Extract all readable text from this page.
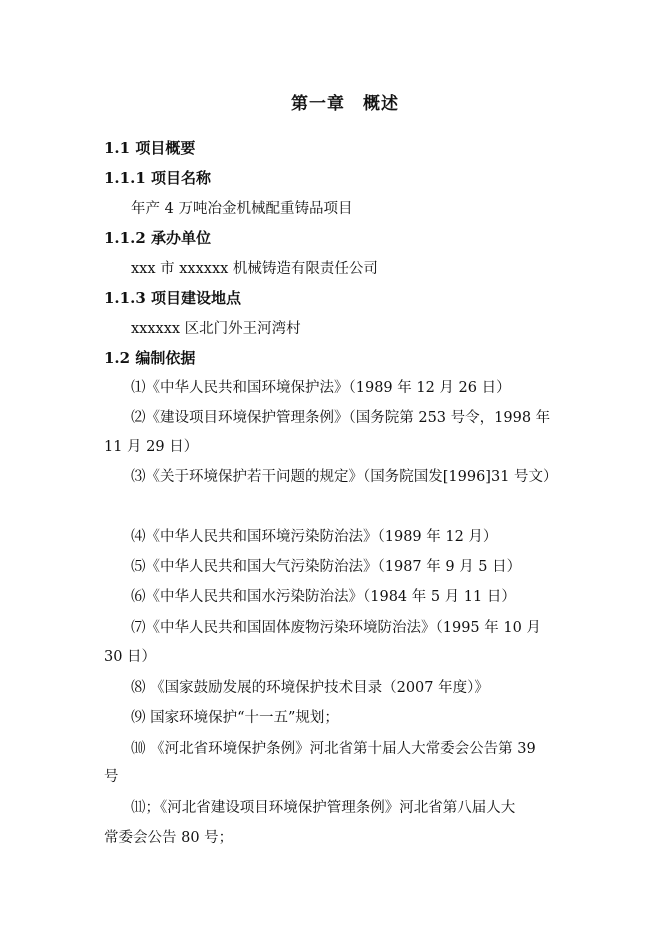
第一章　概述
1.1 项目概要
1.1.1 项目名称
年产 4 万吨冶金机械配重铸品项目
1.1.2 承办单位
xxx 市 xxxxxx 机械铸造有限责任公司
1.1.3 项目建设地点
xxxxxx 区北门外王河湾村
1.2 编制依据
⑴《中华人民共和国环境保护法》（1989 年 12 月 26 日）
⑵《建设项目环境保护管理条例》（国务院第 253 号令，1998 年
11 月 29 日）
⑶《关于环境保护若干问题的规定》（国务院国发[1996]31 号文）
⑷《中华人民共和国环境污染防治法》（1989 年 12 月）
⑸《中华人民共和国大气污染防治法》（1987 年 9 月 5 日）
⑹《中华人民共和国水污染防治法》（1984 年 5 月 11 日）
⑺《中华人民共和国固体废物污染环境防治法》（1995 年 10 月
30 日）
⑻ 《国家鼓励发展的环境保护技术目录（2007 年度）》
⑼ 国家环境保护“十一五”规划；
⑽ 《河北省环境保护条例》河北省第十届人大常委会公告第 39
号
⑾；《河北省建设项目环境保护管理条例》河北省第八届人大
常委会公告 80 号；
